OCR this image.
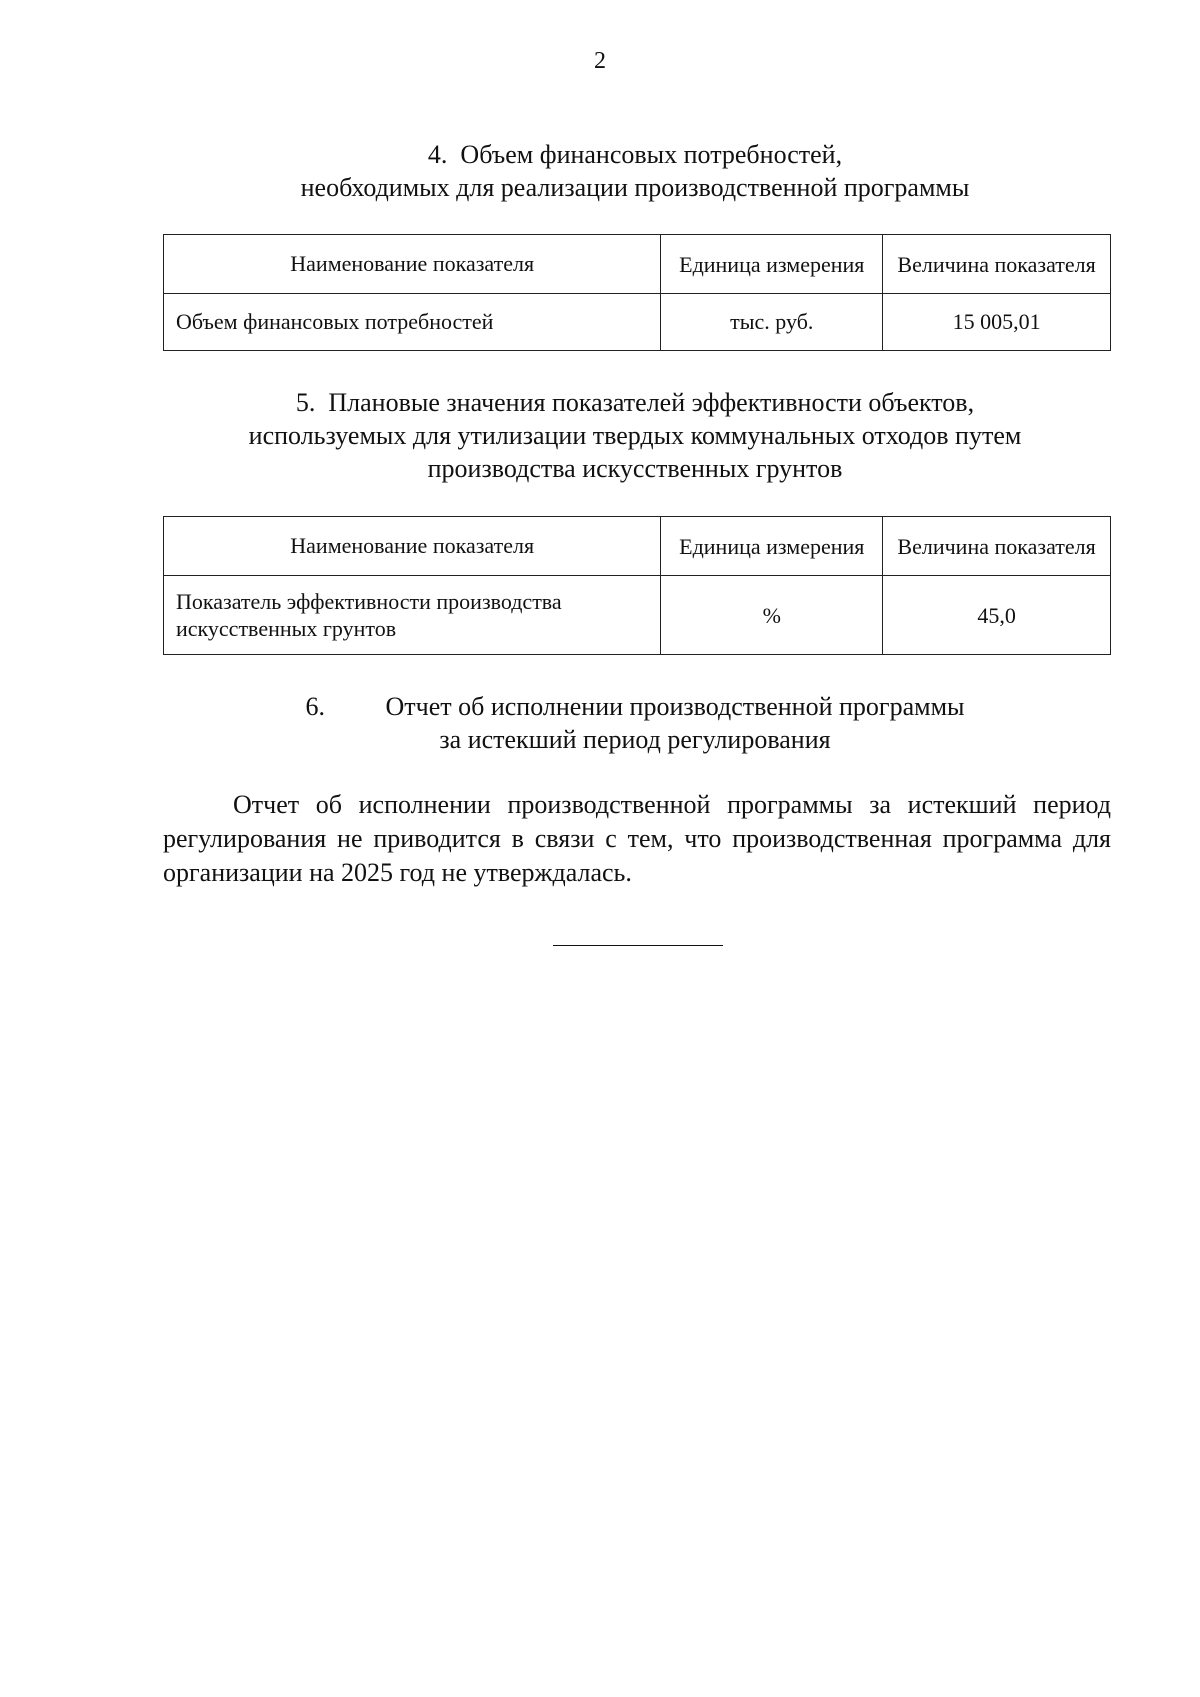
2
4. Объем финансовых потребностей,
необходимых для реализации производственной программы
Наименование показателя	Единица измерения	Величина показателя
Объем финансовых потребностей	тыс. руб.	15 005,01
5. Плановые значения показателей эффективности объектов,
используемых для утилизации твердых коммунальных отходов путем
производства искусственных грунтов
Наименование показателя	Единица измерения	Величина показателя
Показатель эффективности производства искусственных грунтов	%	45,0
6. Отчет об исполнении производственной программы
за истекший период регулирования
Отчет об исполнении производственной программы за истекший период регулирования не приводится в связи с тем, что производственная программа для организации на 2025 год не утверждалась.
